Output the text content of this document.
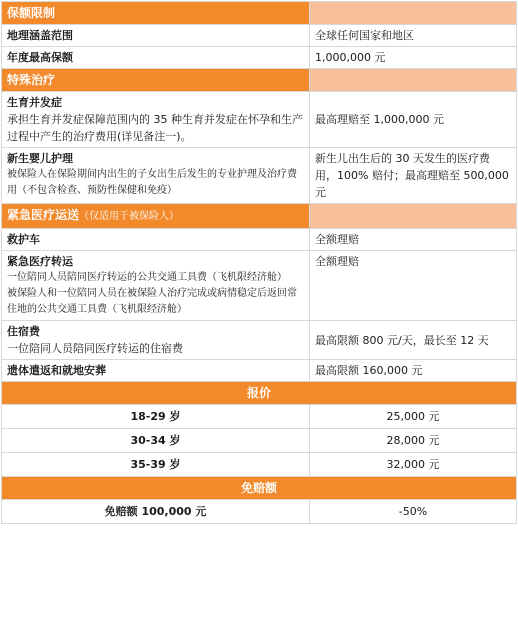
保额限制	
地理涵盖范围	全球任何国家和地区
年度最高保额	1,000,000 元
特殊治疗	

生育并发症
承担生育并发症保障范围内的 35 种生育并发症在怀孕和生产过程中产生的治疗费用(详见备注一)。	最高理赔至 1,000,000 元

新生婴儿护理
被保险人在保险期间内出生的子女出生后发生的专业护理及治疗费用（不包含检查、预防性保健和免疫）	新生儿出生后的 30 天发生的医疗费用，100% 赔付；最高理赔至 500,000 元
紧急医疗运送（仅适用于被保险人）	
救护车	全额理赔

紧急医疗转运
一位陪同人员陪同医疗转运的公共交通工具费（飞机限经济舱）
被保险人和一位陪同人员在被保险人治疗完成或病情稳定后返回常住地的公共交通工具费（飞机限经济舱）	全额理赔

住宿费
一位陪同人员陪同医疗转运的住宿费	最高限额 800 元/天，最长至 12 天
遗体遣返和就地安葬	最高限额 160,000 元
报价	
18-29 岁	25,000 元
30-34 岁	28,000 元
35-39 岁	32,000 元
免赔额	
免赔额 100,000 元	-50%
